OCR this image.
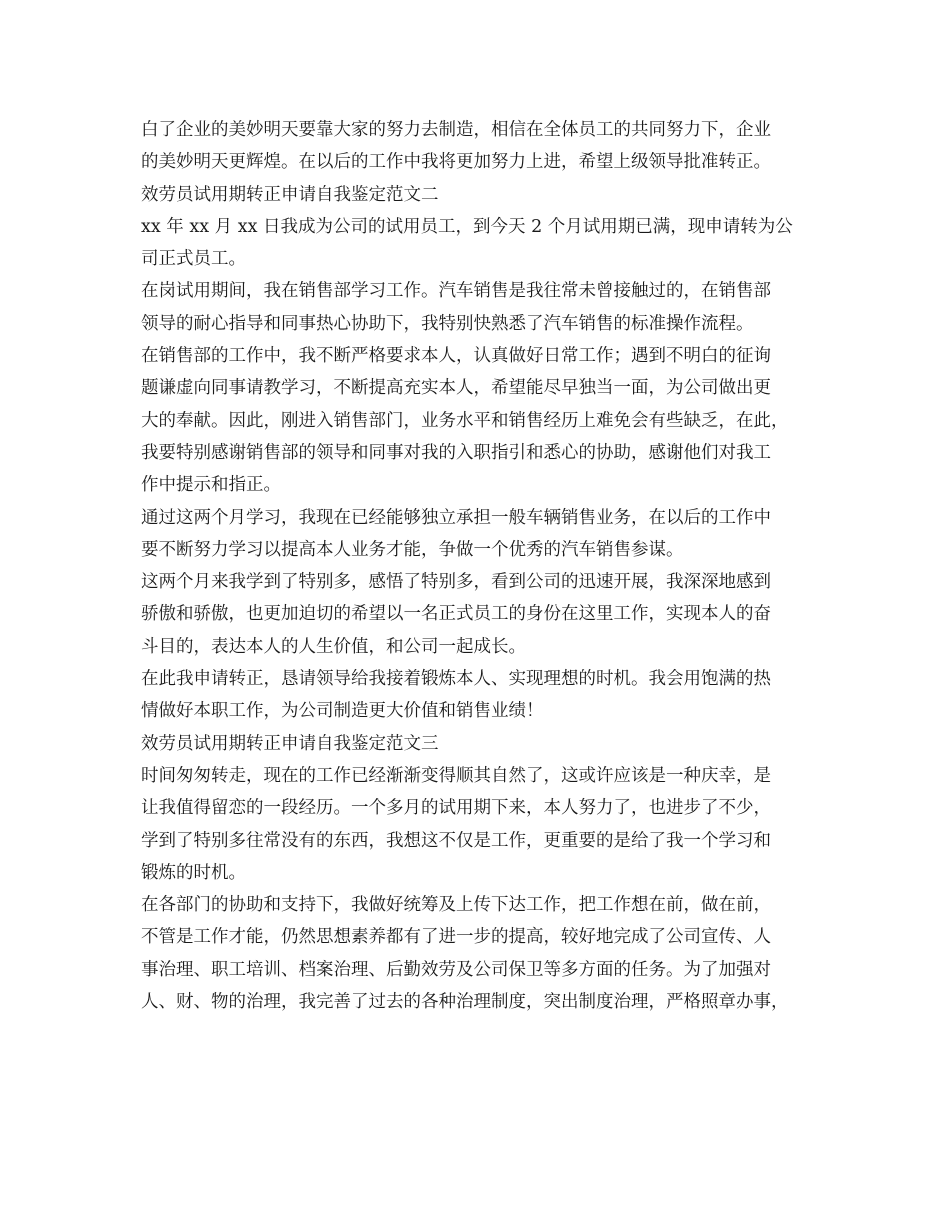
白了企业的美妙明天要靠大家的努力去制造，相信在全体员工的共同努力下，企业
的美妙明天更辉煌。在以后的工作中我将更加努力上进，希望上级领导批准转正。
效劳员试用期转正申请自我鉴定范文二
xx 年 xx 月 xx 日我成为公司的试用员工，到今天 2 个月试用期已满，现申请转为公
司正式员工。
在岗试用期间，我在销售部学习工作。汽车销售是我往常未曾接触过的，在销售部
领导的耐心指导和同事热心协助下，我特别快熟悉了汽车销售的标准操作流程。
在销售部的工作中，我不断严格要求本人，认真做好日常工作；遇到不明白的征询
题谦虚向同事请教学习，不断提高充实本人，希望能尽早独当一面，为公司做出更
大的奉献。因此，刚进入销售部门，业务水平和销售经历上难免会有些缺乏，在此，
我要特别感谢销售部的领导和同事对我的入职指引和悉心的协助，感谢他们对我工
作中提示和指正。
通过这两个月学习，我现在已经能够独立承担一般车辆销售业务，在以后的工作中
要不断努力学习以提高本人业务才能，争做一个优秀的汽车销售参谋。
这两个月来我学到了特别多，感悟了特别多，看到公司的迅速开展，我深深地感到
骄傲和骄傲，也更加迫切的希望以一名正式员工的身份在这里工作，实现本人的奋
斗目的，表达本人的人生价值，和公司一起成长。
在此我申请转正，恳请领导给我接着锻炼本人、实现理想的时机。我会用饱满的热
情做好本职工作，为公司制造更大价值和销售业绩！
效劳员试用期转正申请自我鉴定范文三
时间匆匆转走，现在的工作已经渐渐变得顺其自然了，这或许应该是一种庆幸，是
让我值得留恋的一段经历。一个多月的试用期下来，本人努力了，也进步了不少，
学到了特别多往常没有的东西，我想这不仅是工作，更重要的是给了我一个学习和
锻炼的时机。
在各部门的协助和支持下，我做好统筹及上传下达工作，把工作想在前，做在前，
不管是工作才能，仍然思想素养都有了进一步的提高，较好地完成了公司宣传、人
事治理、职工培训、档案治理、后勤效劳及公司保卫等多方面的任务。为了加强对
人、财、物的治理，我完善了过去的各种治理制度，突出制度治理，严格照章办事，
